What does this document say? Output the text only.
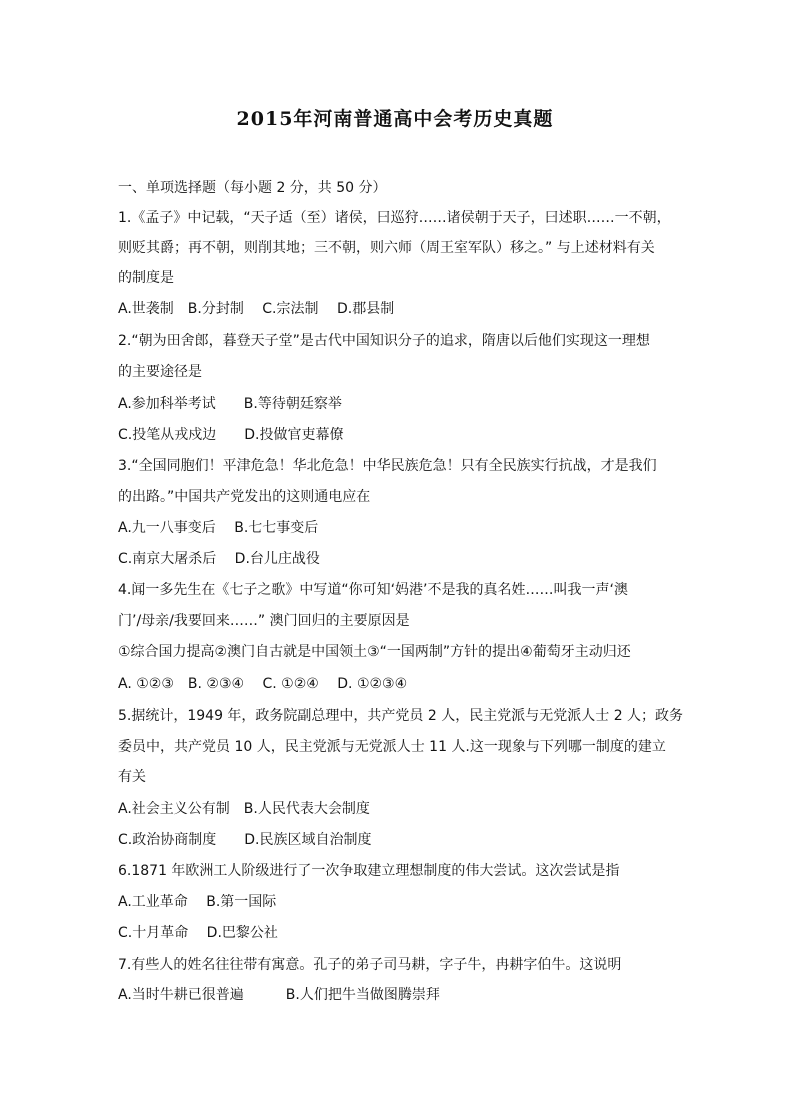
2015年河南普通高中会考历史真题
一、单项选择题（每小题 2 分，共 50 分）
1.《孟子》中记载，“天子适（至）诸侯，曰巡狩……诸侯朝于天子，曰述职……一不朝，
则贬其爵；再不朝，则削其地；三不朝，则六师（周王室军队）移之。” 与上述材料有关
的制度是
A.世袭制　B.分封制　 C.宗法制　 D.郡县制
2.“朝为田舍郎，暮登天子堂”是古代中国知识分子的追求，隋唐以后他们实现这一理想
的主要途径是
A.参加科举考试　　B.等待朝廷察举
C.投笔从戎戍边　　D.投做官吏幕僚
3.“全国同胞们！平津危急！华北危急！中华民族危急！只有全民族实行抗战，才是我们
的出路。”中国共产党发出的这则通电应在
A.九一八事变后　 B.七七事变后
C.南京大屠杀后　 D.台儿庄战役
4.闻一多先生在《七子之歌》中写道“你可知‘妈港’不是我的真名姓……叫我一声‘澳
门’/母亲/我要回来……” 澳门回归的主要原因是
①综合国力提高②澳门自古就是中国领土③“一国两制”方针的提出④葡萄牙主动归还
A. ①②③　B. ②③④　 C. ①②④　 D. ①②③④
5.据统计，1949 年，政务院副总理中，共产党员 2 人，民主党派与无党派人士 2 人；政务
委员中，共产党员 10 人，民主党派与无党派人士 11 人.这一现象与下列哪一制度的建立
有关
A.社会主义公有制　B.人民代表大会制度
C.政治协商制度　　D.民族区域自治制度
6.1871 年欧洲工人阶级进行了一次争取建立理想制度的伟大尝试。这次尝试是指
A.工业革命　 B.第一国际
C.十月革命　 D.巴黎公社
7.有些人的姓名往往带有寓意。孔子的弟子司马耕，字子牛，冉耕字伯牛。这说明
A.当时牛耕已很普遍　　　B.人们把牛当做图腾崇拜
